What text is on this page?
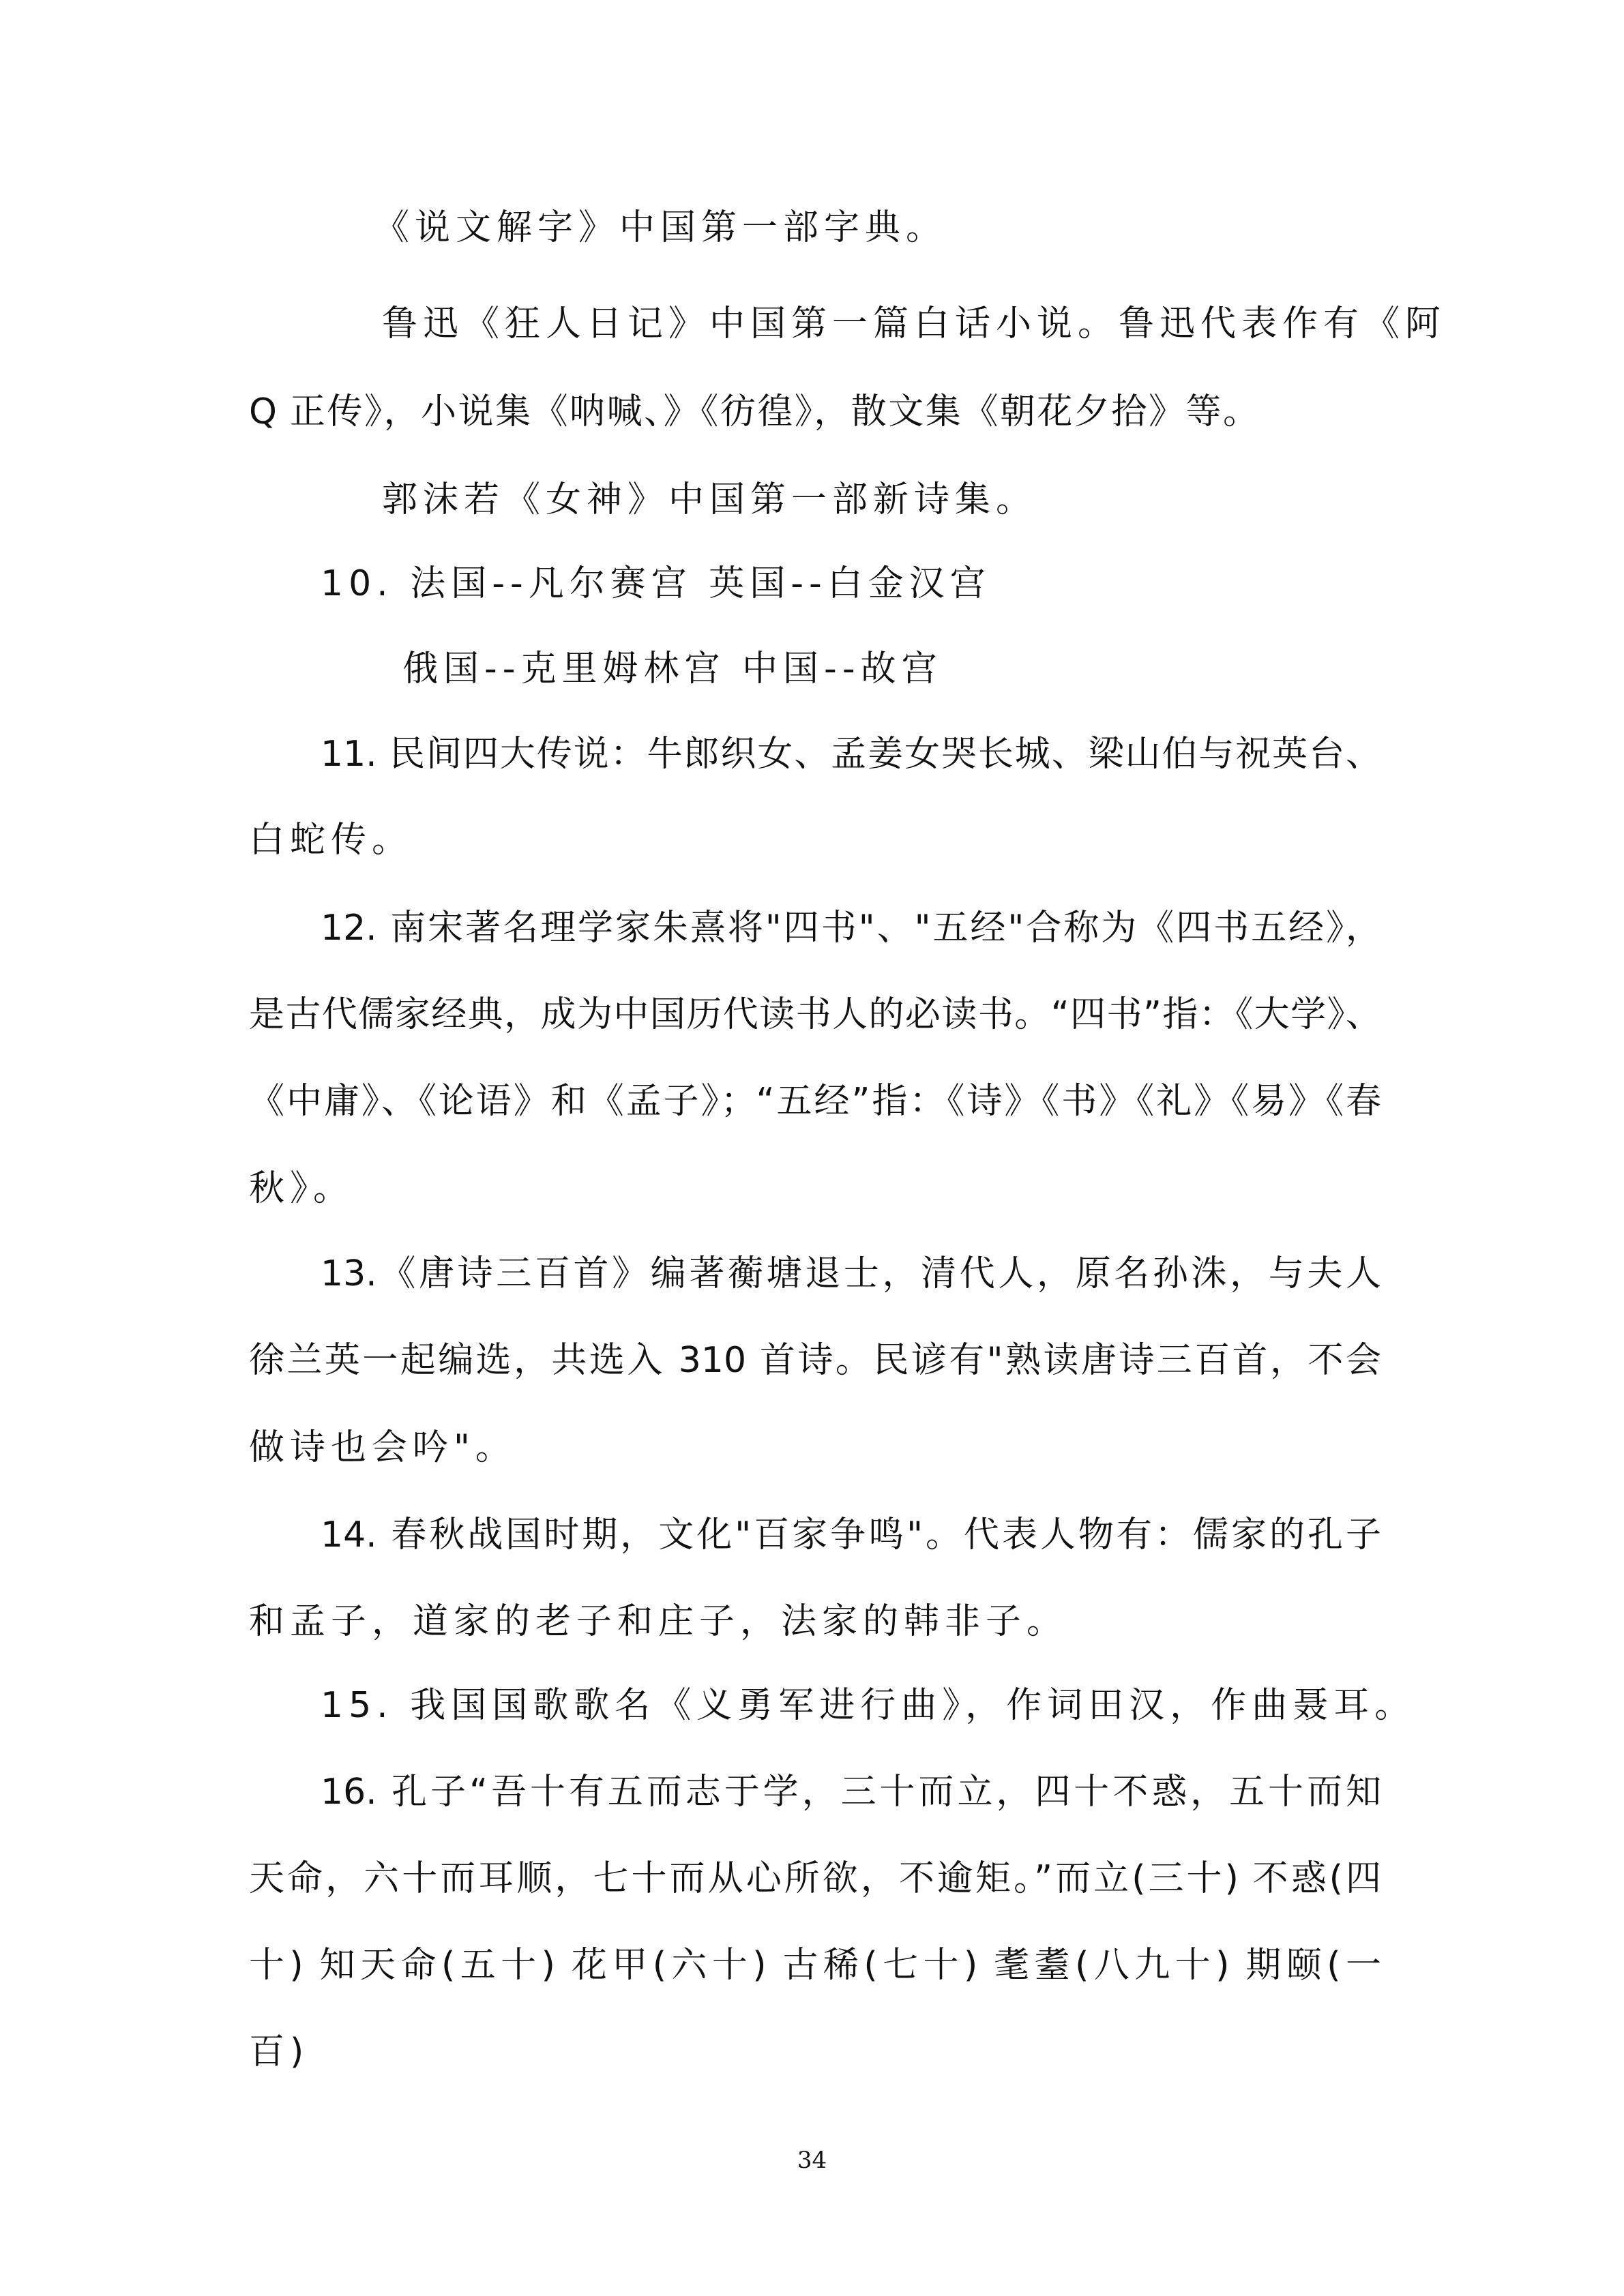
《说文解字》中国第一部字典。
鲁迅《狂人日记》中国第一篇白话小说。鲁迅代表作有《阿
Q 正传》，小说集《呐喊、》《彷徨》，散文集《朝花夕拾》等。
郭沫若《女神》中国第一部新诗集。
10. 法国--凡尔赛宫 英国--白金汉宫
俄国--克里姆林宫 中国--故宫
11. 民间四大传说：牛郎织女、孟姜女哭长城、梁山伯与祝英台、
白蛇传。
12. 南宋著名理学家朱熹将"四书"、"五经"合称为《四书五经》，
是古代儒家经典，成为中国历代读书人的必读书。“四书”指：《大学》、
《中庸》、《论语》和《孟子》；“五经”指：《诗》《书》《礼》《易》《春
秋》。
13.《唐诗三百首》编著蘅塘退士，清代人，原名孙洙，与夫人
徐兰英一起编选，共选入 310 首诗。民谚有"熟读唐诗三百首，不会
做诗也会吟"。
14. 春秋战国时期，文化"百家争鸣"。代表人物有：儒家的孔子
和孟子，道家的老子和庄子，法家的韩非子。
15. 我国国歌歌名《义勇军进行曲》，作词田汉，作曲聂耳。
16. 孔子“吾十有五而志于学，三十而立，四十不惑，五十而知
天命，六十而耳顺，七十而从心所欲，不逾矩。”而立(三十) 不惑(四
十) 知天命(五十) 花甲(六十) 古稀(七十) 耄耋(八九十) 期颐(一
百)
34
